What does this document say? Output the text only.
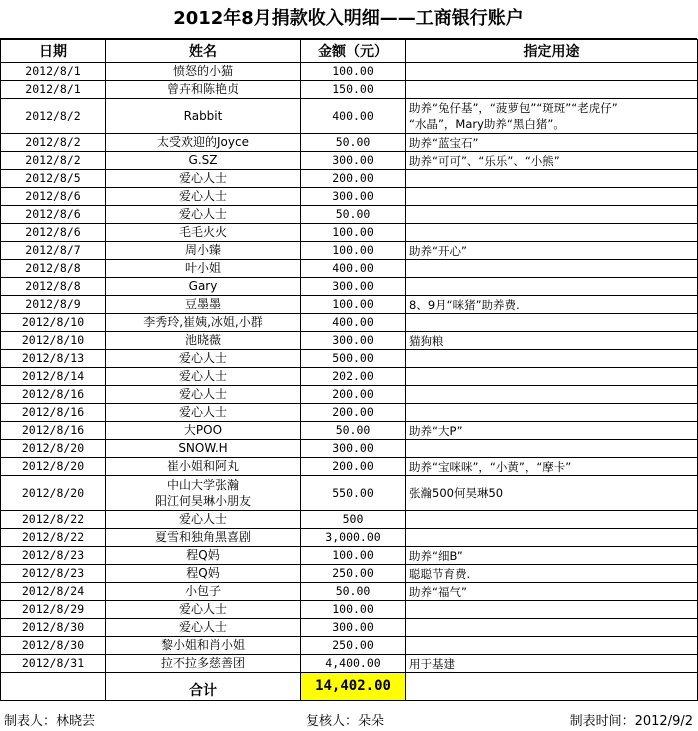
2012年8月捐款收入明细——工商银行账户
日期	姓名	金额（元）	指定用途
2012/8/1	愤怒的小猫	100.00	
2012/8/1	曾卉和陈艳贞	150.00	
2012/8/2	Rabbit	400.00	助养“兔仔基”，“菠萝包”“斑斑”“老虎仔”
“水晶”，Mary助养“黑白猪”。
2012/8/2	太受欢迎的Joyce	50.00	助养“蓝宝石”
2012/8/2	G.SZ	300.00	助养“可可”、“乐乐”、“小熊”
2012/8/5	爱心人士	200.00	
2012/8/6	爱心人士	300.00	
2012/8/6	爱心人士	50.00	
2012/8/6	毛毛火火	100.00	
2012/8/7	周小臻	100.00	助养“开心”
2012/8/8	叶小姐	400.00	
2012/8/8	Gary	300.00	
2012/8/9	豆墨墨	100.00	8、9月“咪猪”助养费.
2012/8/10	李秀玲,崔姨,冰姐,小群	400.00	
2012/8/10	池晓薇	300.00	猫狗粮
2012/8/13	爱心人士	500.00	
2012/8/14	爱心人士	202.00	
2012/8/16	爱心人士	200.00	
2012/8/16	爱心人士	200.00	
2012/8/16	大POO	50.00	助养“大P”
2012/8/20	SNOW.H	300.00	
2012/8/20	崔小姐和阿丸	200.00	助养“宝咪咪”，“小黄”，“摩卡”
2012/8/20	中山大学张瀚
阳江何昊琳小朋友	550.00	张瀚500何昊琳50
2012/8/22	爱心人士	500	
2012/8/22	夏雪和独角黑喜剧	3,000.00	
2012/8/23	程Q妈	100.00	助养“细B”
2012/8/23	程Q妈	250.00	聪聪节育费.
2012/8/24	小包子	50.00	助养“福气”
2012/8/29	爱心人士	100.00	
2012/8/30	爱心人士	300.00	
2012/8/30	黎小姐和肖小姐	250.00	
2012/8/31	拉不拉多慈善团	4,400.00	用于基建
	合计	14,402.00	
制表人：林晓芸	复核人：朵朵	制表时间：2012/9/2
